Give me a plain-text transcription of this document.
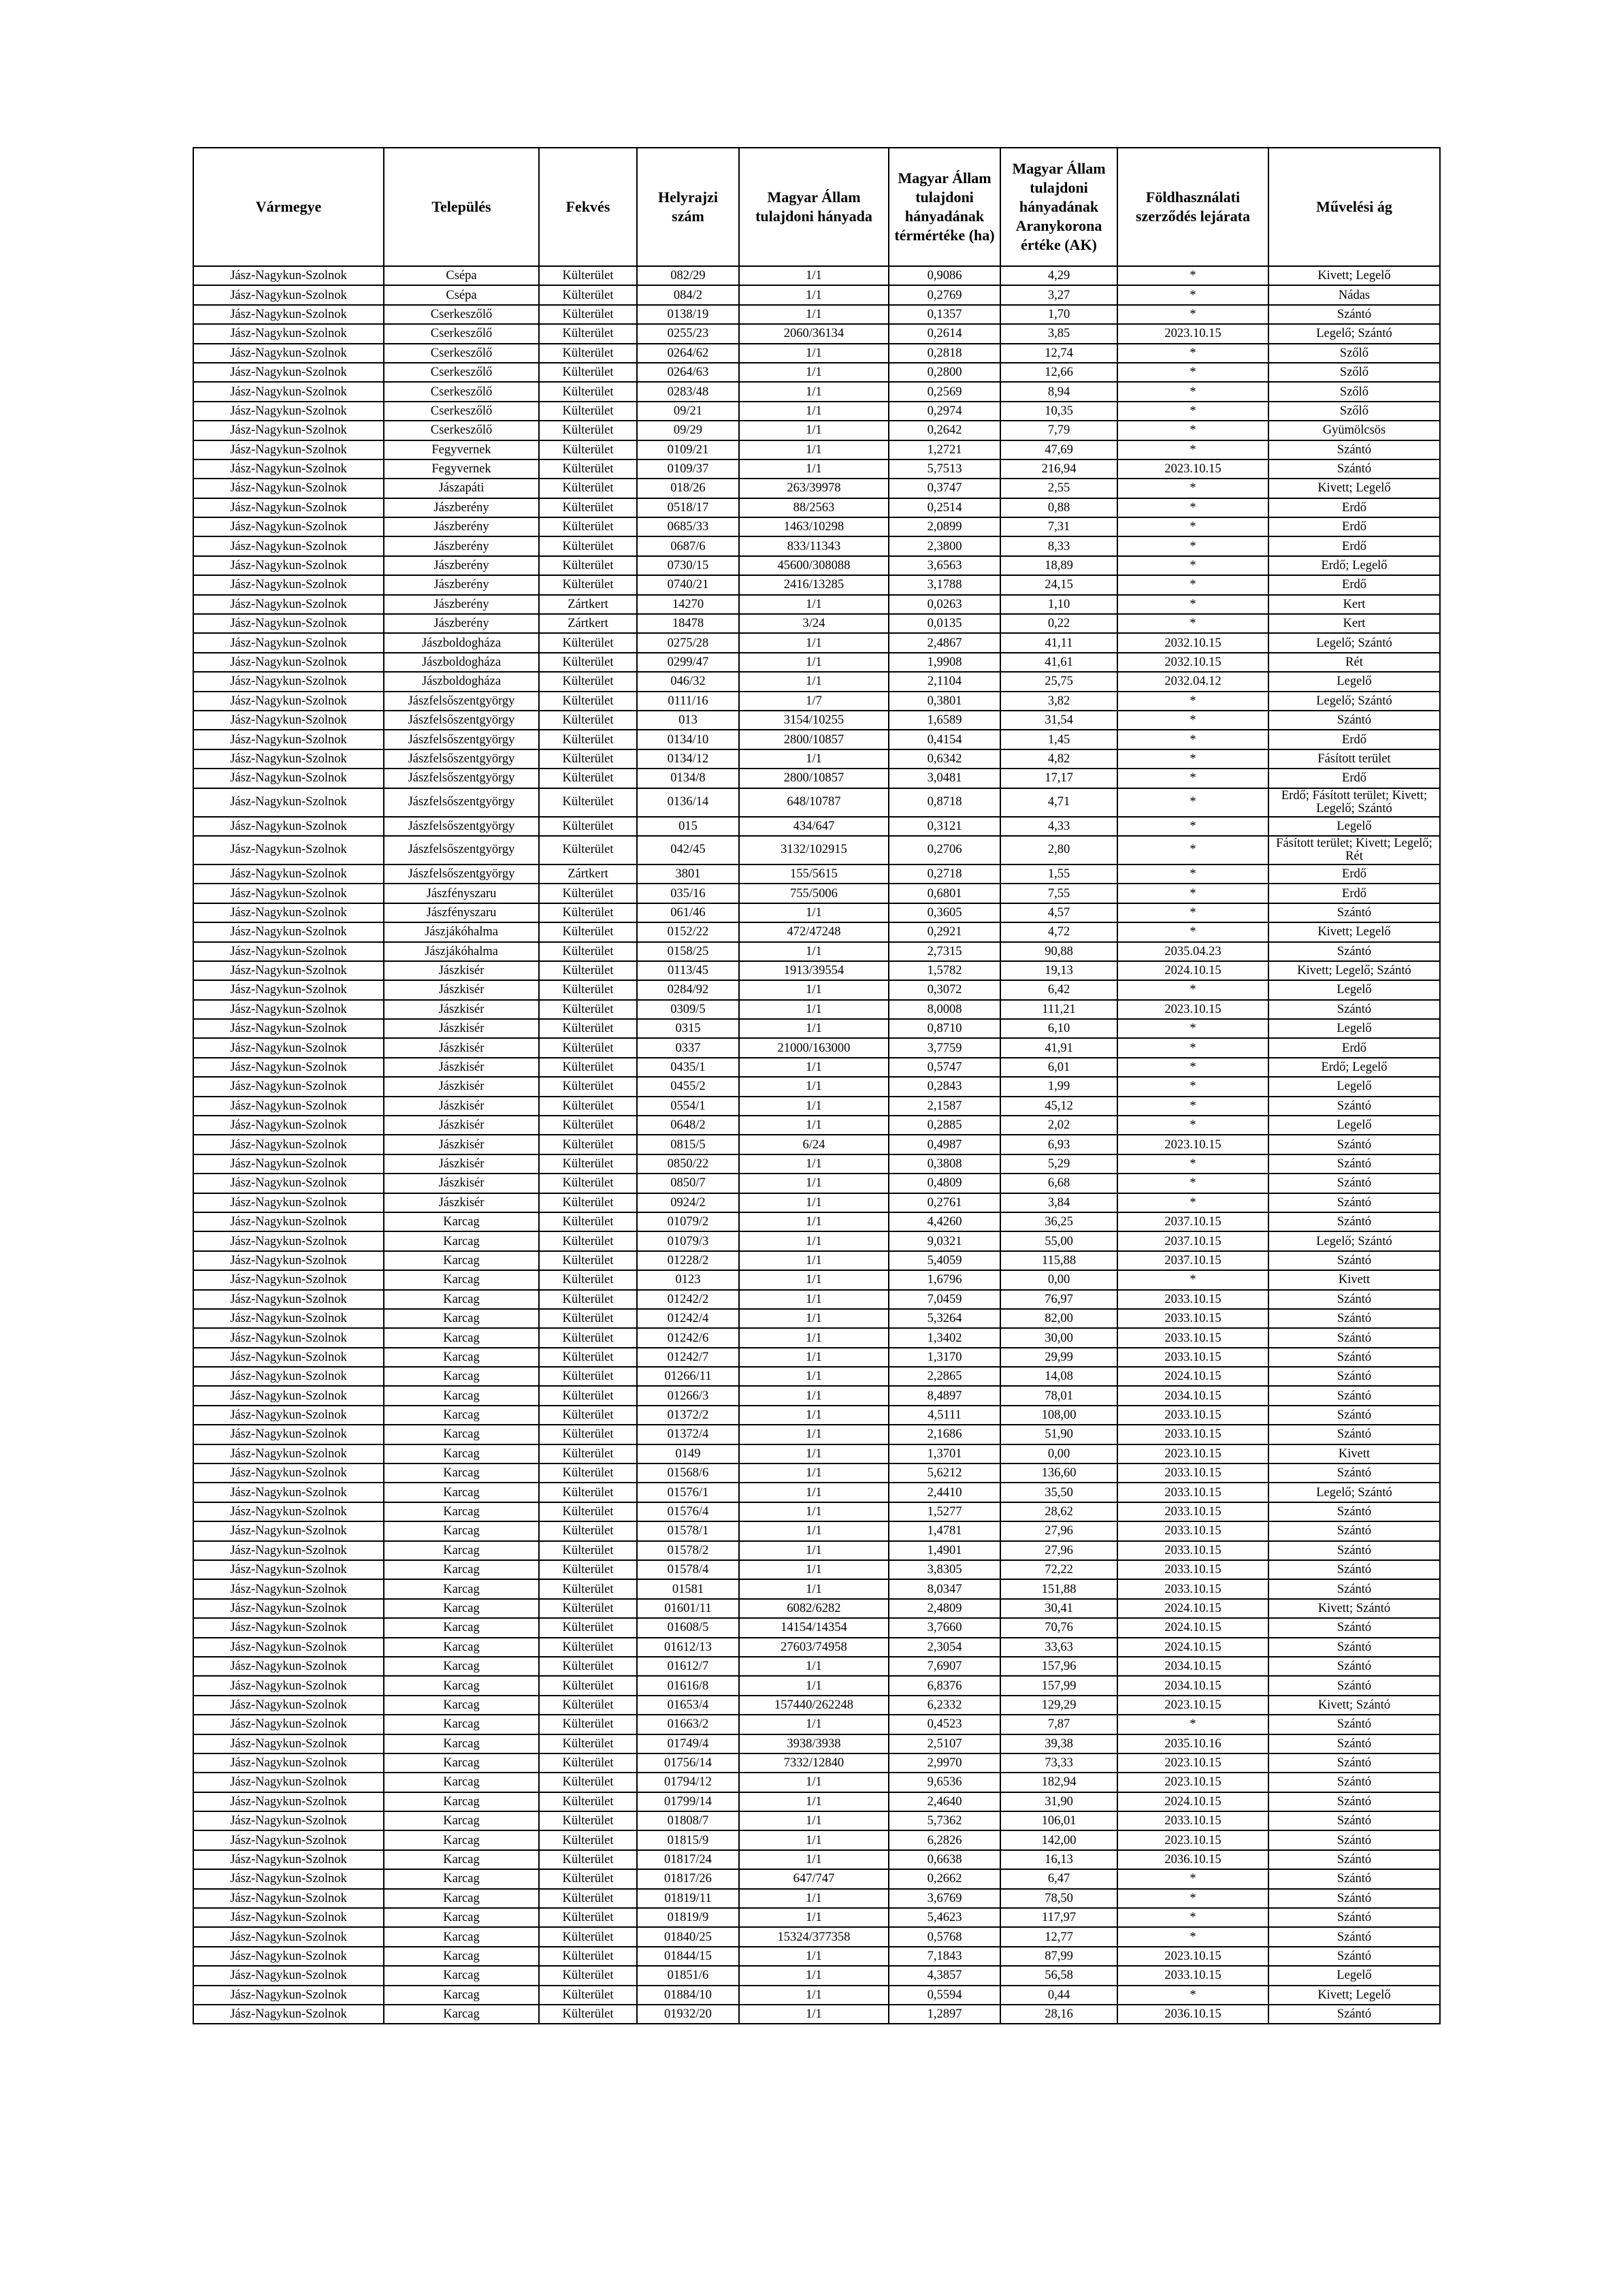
Vármegye	Település	Fekvés	Helyrajzi szám	Magyar Állam tulajdoni hányada	Magyar Állam tulajdoni hányadának térmértéke (ha)	Magyar Állam tulajdoni hányadának Aranykorona értéke (AK)	Földhasználati szerződés lejárata	Művelési ág
Jász-Nagykun-Szolnok	Csépa	Külterület	082/29	1/1	0,9086	4,29	*	Kivett; Legelő
Jász-Nagykun-Szolnok	Csépa	Külterület	084/2	1/1	0,2769	3,27	*	Nádas
Jász-Nagykun-Szolnok	Cserkeszőlő	Külterület	0138/19	1/1	0,1357	1,70	*	Szántó
Jász-Nagykun-Szolnok	Cserkeszőlő	Külterület	0255/23	2060/36134	0,2614	3,85	2023.10.15	Legelő; Szántó
Jász-Nagykun-Szolnok	Cserkeszőlő	Külterület	0264/62	1/1	0,2818	12,74	*	Szőlő
Jász-Nagykun-Szolnok	Cserkeszőlő	Külterület	0264/63	1/1	0,2800	12,66	*	Szőlő
Jász-Nagykun-Szolnok	Cserkeszőlő	Külterület	0283/48	1/1	0,2569	8,94	*	Szőlő
Jász-Nagykun-Szolnok	Cserkeszőlő	Külterület	09/21	1/1	0,2974	10,35	*	Szőlő
Jász-Nagykun-Szolnok	Cserkeszőlő	Külterület	09/29	1/1	0,2642	7,79	*	Gyümölcsös
Jász-Nagykun-Szolnok	Fegyvernek	Külterület	0109/21	1/1	1,2721	47,69	*	Szántó
Jász-Nagykun-Szolnok	Fegyvernek	Külterület	0109/37	1/1	5,7513	216,94	2023.10.15	Szántó
Jász-Nagykun-Szolnok	Jászapáti	Külterület	018/26	263/39978	0,3747	2,55	*	Kivett; Legelő
Jász-Nagykun-Szolnok	Jászberény	Külterület	0518/17	88/2563	0,2514	0,88	*	Erdő
Jász-Nagykun-Szolnok	Jászberény	Külterület	0685/33	1463/10298	2,0899	7,31	*	Erdő
Jász-Nagykun-Szolnok	Jászberény	Külterület	0687/6	833/11343	2,3800	8,33	*	Erdő
Jász-Nagykun-Szolnok	Jászberény	Külterület	0730/15	45600/308088	3,6563	18,89	*	Erdő; Legelő
Jász-Nagykun-Szolnok	Jászberény	Külterület	0740/21	2416/13285	3,1788	24,15	*	Erdő
Jász-Nagykun-Szolnok	Jászberény	Zártkert	14270	1/1	0,0263	1,10	*	Kert
Jász-Nagykun-Szolnok	Jászberény	Zártkert	18478	3/24	0,0135	0,22	*	Kert
Jász-Nagykun-Szolnok	Jászboldogháza	Külterület	0275/28	1/1	2,4867	41,11	2032.10.15	Legelő; Szántó
Jász-Nagykun-Szolnok	Jászboldogháza	Külterület	0299/47	1/1	1,9908	41,61	2032.10.15	Rét
Jász-Nagykun-Szolnok	Jászboldogháza	Külterület	046/32	1/1	2,1104	25,75	2032.04.12	Legelő
Jász-Nagykun-Szolnok	Jászfelsőszentgyörgy	Külterület	0111/16	1/7	0,3801	3,82	*	Legelő; Szántó
Jász-Nagykun-Szolnok	Jászfelsőszentgyörgy	Külterület	013	3154/10255	1,6589	31,54	*	Szántó
Jász-Nagykun-Szolnok	Jászfelsőszentgyörgy	Külterület	0134/10	2800/10857	0,4154	1,45	*	Erdő
Jász-Nagykun-Szolnok	Jászfelsőszentgyörgy	Külterület	0134/12	1/1	0,6342	4,82	*	Fásított terület
Jász-Nagykun-Szolnok	Jászfelsőszentgyörgy	Külterület	0134/8	2800/10857	3,0481	17,17	*	Erdő
Jász-Nagykun-Szolnok	Jászfelsőszentgyörgy	Külterület	0136/14	648/10787	0,8718	4,71	*	Erdő; Fásított terület; Kivett; Legelő; Szántó
Jász-Nagykun-Szolnok	Jászfelsőszentgyörgy	Külterület	015	434/647	0,3121	4,33	*	Legelő
Jász-Nagykun-Szolnok	Jászfelsőszentgyörgy	Külterület	042/45	3132/102915	0,2706	2,80	*	Fásított terület; Kivett; Legelő; Rét
Jász-Nagykun-Szolnok	Jászfelsőszentgyörgy	Zártkert	3801	155/5615	0,2718	1,55	*	Erdő
Jász-Nagykun-Szolnok	Jászfényszaru	Külterület	035/16	755/5006	0,6801	7,55	*	Erdő
Jász-Nagykun-Szolnok	Jászfényszaru	Külterület	061/46	1/1	0,3605	4,57	*	Szántó
Jász-Nagykun-Szolnok	Jászjákóhalma	Külterület	0152/22	472/47248	0,2921	4,72	*	Kivett; Legelő
Jász-Nagykun-Szolnok	Jászjákóhalma	Külterület	0158/25	1/1	2,7315	90,88	2035.04.23	Szántó
Jász-Nagykun-Szolnok	Jászkisér	Külterület	0113/45	1913/39554	1,5782	19,13	2024.10.15	Kivett; Legelő; Szántó
Jász-Nagykun-Szolnok	Jászkisér	Külterület	0284/92	1/1	0,3072	6,42	*	Legelő
Jász-Nagykun-Szolnok	Jászkisér	Külterület	0309/5	1/1	8,0008	111,21	2023.10.15	Szántó
Jász-Nagykun-Szolnok	Jászkisér	Külterület	0315	1/1	0,8710	6,10	*	Legelő
Jász-Nagykun-Szolnok	Jászkisér	Külterület	0337	21000/163000	3,7759	41,91	*	Erdő
Jász-Nagykun-Szolnok	Jászkisér	Külterület	0435/1	1/1	0,5747	6,01	*	Erdő; Legelő
Jász-Nagykun-Szolnok	Jászkisér	Külterület	0455/2	1/1	0,2843	1,99	*	Legelő
Jász-Nagykun-Szolnok	Jászkisér	Külterület	0554/1	1/1	2,1587	45,12	*	Szántó
Jász-Nagykun-Szolnok	Jászkisér	Külterület	0648/2	1/1	0,2885	2,02	*	Legelő
Jász-Nagykun-Szolnok	Jászkisér	Külterület	0815/5	6/24	0,4987	6,93	2023.10.15	Szántó
Jász-Nagykun-Szolnok	Jászkisér	Külterület	0850/22	1/1	0,3808	5,29	*	Szántó
Jász-Nagykun-Szolnok	Jászkisér	Külterület	0850/7	1/1	0,4809	6,68	*	Szántó
Jász-Nagykun-Szolnok	Jászkisér	Külterület	0924/2	1/1	0,2761	3,84	*	Szántó
Jász-Nagykun-Szolnok	Karcag	Külterület	01079/2	1/1	4,4260	36,25	2037.10.15	Szántó
Jász-Nagykun-Szolnok	Karcag	Külterület	01079/3	1/1	9,0321	55,00	2037.10.15	Legelő; Szántó
Jász-Nagykun-Szolnok	Karcag	Külterület	01228/2	1/1	5,4059	115,88	2037.10.15	Szántó
Jász-Nagykun-Szolnok	Karcag	Külterület	0123	1/1	1,6796	0,00	*	Kivett
Jász-Nagykun-Szolnok	Karcag	Külterület	01242/2	1/1	7,0459	76,97	2033.10.15	Szántó
Jász-Nagykun-Szolnok	Karcag	Külterület	01242/4	1/1	5,3264	82,00	2033.10.15	Szántó
Jász-Nagykun-Szolnok	Karcag	Külterület	01242/6	1/1	1,3402	30,00	2033.10.15	Szántó
Jász-Nagykun-Szolnok	Karcag	Külterület	01242/7	1/1	1,3170	29,99	2033.10.15	Szántó
Jász-Nagykun-Szolnok	Karcag	Külterület	01266/11	1/1	2,2865	14,08	2024.10.15	Szántó
Jász-Nagykun-Szolnok	Karcag	Külterület	01266/3	1/1	8,4897	78,01	2034.10.15	Szántó
Jász-Nagykun-Szolnok	Karcag	Külterület	01372/2	1/1	4,5111	108,00	2033.10.15	Szántó
Jász-Nagykun-Szolnok	Karcag	Külterület	01372/4	1/1	2,1686	51,90	2033.10.15	Szántó
Jász-Nagykun-Szolnok	Karcag	Külterület	0149	1/1	1,3701	0,00	2023.10.15	Kivett
Jász-Nagykun-Szolnok	Karcag	Külterület	01568/6	1/1	5,6212	136,60	2033.10.15	Szántó
Jász-Nagykun-Szolnok	Karcag	Külterület	01576/1	1/1	2,4410	35,50	2033.10.15	Legelő; Szántó
Jász-Nagykun-Szolnok	Karcag	Külterület	01576/4	1/1	1,5277	28,62	2033.10.15	Szántó
Jász-Nagykun-Szolnok	Karcag	Külterület	01578/1	1/1	1,4781	27,96	2033.10.15	Szántó
Jász-Nagykun-Szolnok	Karcag	Külterület	01578/2	1/1	1,4901	27,96	2033.10.15	Szántó
Jász-Nagykun-Szolnok	Karcag	Külterület	01578/4	1/1	3,8305	72,22	2033.10.15	Szántó
Jász-Nagykun-Szolnok	Karcag	Külterület	01581	1/1	8,0347	151,88	2033.10.15	Szántó
Jász-Nagykun-Szolnok	Karcag	Külterület	01601/11	6082/6282	2,4809	30,41	2024.10.15	Kivett; Szántó
Jász-Nagykun-Szolnok	Karcag	Külterület	01608/5	14154/14354	3,7660	70,76	2024.10.15	Szántó
Jász-Nagykun-Szolnok	Karcag	Külterület	01612/13	27603/74958	2,3054	33,63	2024.10.15	Szántó
Jász-Nagykun-Szolnok	Karcag	Külterület	01612/7	1/1	7,6907	157,96	2034.10.15	Szántó
Jász-Nagykun-Szolnok	Karcag	Külterület	01616/8	1/1	6,8376	157,99	2034.10.15	Szántó
Jász-Nagykun-Szolnok	Karcag	Külterület	01653/4	157440/262248	6,2332	129,29	2023.10.15	Kivett; Szántó
Jász-Nagykun-Szolnok	Karcag	Külterület	01663/2	1/1	0,4523	7,87	*	Szántó
Jász-Nagykun-Szolnok	Karcag	Külterület	01749/4	3938/3938	2,5107	39,38	2035.10.16	Szántó
Jász-Nagykun-Szolnok	Karcag	Külterület	01756/14	7332/12840	2,9970	73,33	2023.10.15	Szántó
Jász-Nagykun-Szolnok	Karcag	Külterület	01794/12	1/1	9,6536	182,94	2023.10.15	Szántó
Jász-Nagykun-Szolnok	Karcag	Külterület	01799/14	1/1	2,4640	31,90	2024.10.15	Szántó
Jász-Nagykun-Szolnok	Karcag	Külterület	01808/7	1/1	5,7362	106,01	2033.10.15	Szántó
Jász-Nagykun-Szolnok	Karcag	Külterület	01815/9	1/1	6,2826	142,00	2023.10.15	Szántó
Jász-Nagykun-Szolnok	Karcag	Külterület	01817/24	1/1	0,6638	16,13	2036.10.15	Szántó
Jász-Nagykun-Szolnok	Karcag	Külterület	01817/26	647/747	0,2662	6,47	*	Szántó
Jász-Nagykun-Szolnok	Karcag	Külterület	01819/11	1/1	3,6769	78,50	*	Szántó
Jász-Nagykun-Szolnok	Karcag	Külterület	01819/9	1/1	5,4623	117,97	*	Szántó
Jász-Nagykun-Szolnok	Karcag	Külterület	01840/25	15324/377358	0,5768	12,77	*	Szántó
Jász-Nagykun-Szolnok	Karcag	Külterület	01844/15	1/1	7,1843	87,99	2023.10.15	Szántó
Jász-Nagykun-Szolnok	Karcag	Külterület	01851/6	1/1	4,3857	56,58	2033.10.15	Legelő
Jász-Nagykun-Szolnok	Karcag	Külterület	01884/10	1/1	0,5594	0,44	*	Kivett; Legelő
Jász-Nagykun-Szolnok	Karcag	Külterület	01932/20	1/1	1,2897	28,16	2036.10.15	Szántó
